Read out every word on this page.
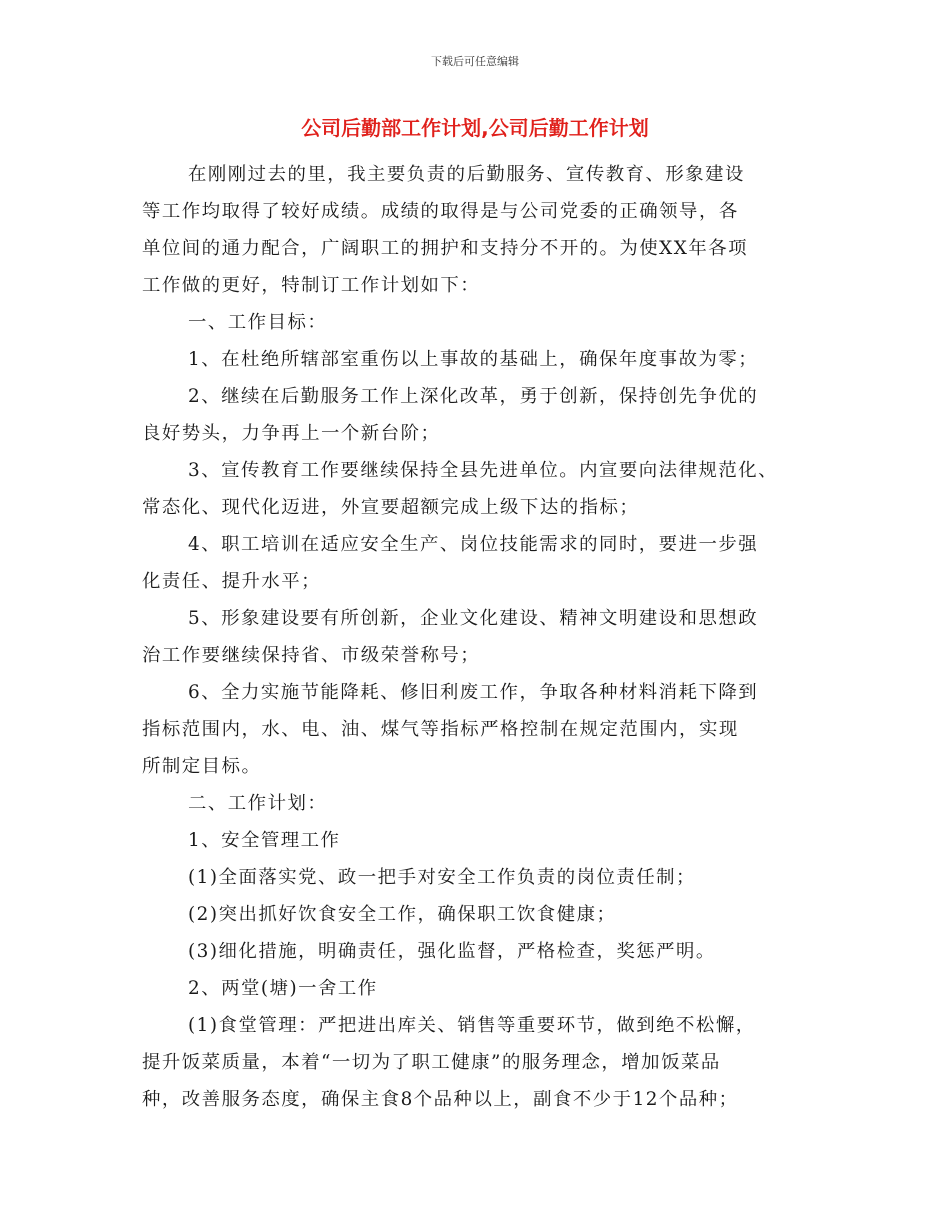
下载后可任意编辑
公司后勤部工作计划,公司后勤工作计划
在刚刚过去的里，我主要负责的后勤服务、宣传教育、形象建设
等工作均取得了较好成绩。成绩的取得是与公司党委的正确领导，各
单位间的通力配合，广阔职工的拥护和支持分不开的。为使XX年各项
工作做的更好，特制订工作计划如下：
一、工作目标：
1、在杜绝所辖部室重伤以上事故的基础上，确保年度事故为零；
2、继续在后勤服务工作上深化改革，勇于创新，保持创先争优的
良好势头，力争再上一个新台阶；
3、宣传教育工作要继续保持全县先进单位。内宣要向法律规范化、
常态化、现代化迈进，外宣要超额完成上级下达的指标；
4、职工培训在适应安全生产、岗位技能需求的同时，要进一步强
化责任、提升水平；
5、形象建设要有所创新，企业文化建设、精神文明建设和思想政
治工作要继续保持省、市级荣誉称号；
6、全力实施节能降耗、修旧利废工作，争取各种材料消耗下降到
指标范围内，水、电、油、煤气等指标严格控制在规定范围内，实现
所制定目标。
二、工作计划：
1、安全管理工作
(1)全面落实党、政一把手对安全工作负责的岗位责任制；
(2)突出抓好饮食安全工作，确保职工饮食健康；
(3)细化措施，明确责任，强化监督，严格检查，奖惩严明。
2、两堂(塘)一舍工作
(1)食堂管理：严把进出库关、销售等重要环节，做到绝不松懈，
提升饭菜质量，本着“一切为了职工健康”的服务理念，增加饭菜品
种，改善服务态度，确保主食8个品种以上，副食不少于12个品种；
